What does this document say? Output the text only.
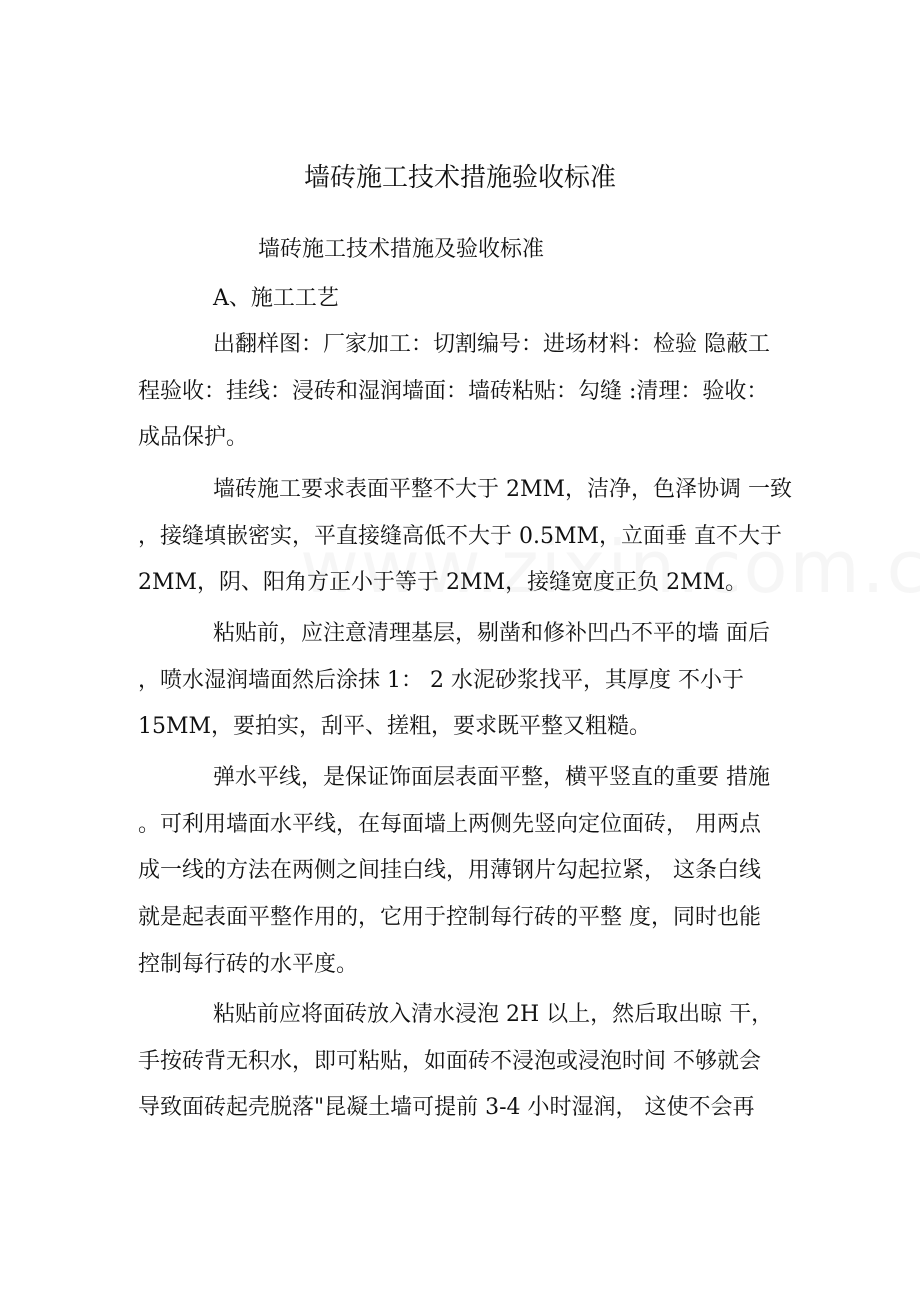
墙砖施工技术措施验收标准
墙砖施工技术措施及验收标准
A、施工工艺
出翻样图：厂家加工：切割编号：进场材料：检验 隐蔽工
程验收：挂线：浸砖和湿润墙面：墙砖粘贴：勾缝 :清理：验收：
成品保护。
墙砖施工要求表面平整不大于 2MM，洁净，色泽协调 一致
，接缝填嵌密实，平直接缝高低不大于 0.5MM，立面垂 直不大于
2MM，阴、阳角方正小于等于 2MM，接缝宽度正负 2MM。
粘贴前，应注意清理基层，剔凿和修补凹凸不平的墙 面后
，喷水湿润墙面然后涂抹 1： 2 水泥砂浆找平，其厚度 不小于
15MM，要拍实，刮平、搓粗，要求既平整又粗糙。
弹水平线，是保证饰面层表面平整，横平竖直的重要 措施
。可利用墙面水平线，在每面墙上两侧先竖向定位面砖， 用两点
成一线的方法在两侧之间挂白线，用薄钢片勾起拉紧， 这条白线
就是起表面平整作用的，它用于控制每行砖的平整 度，同时也能
控制每行砖的水平度。
粘贴前应将面砖放入清水浸泡 2H 以上，然后取出晾 干，
手按砖背无积水，即可粘贴，如面砖不浸泡或浸泡时间 不够就会
导致面砖起壳脱落"昆凝土墙可提前 3-4 小时湿润， 这使不会再
